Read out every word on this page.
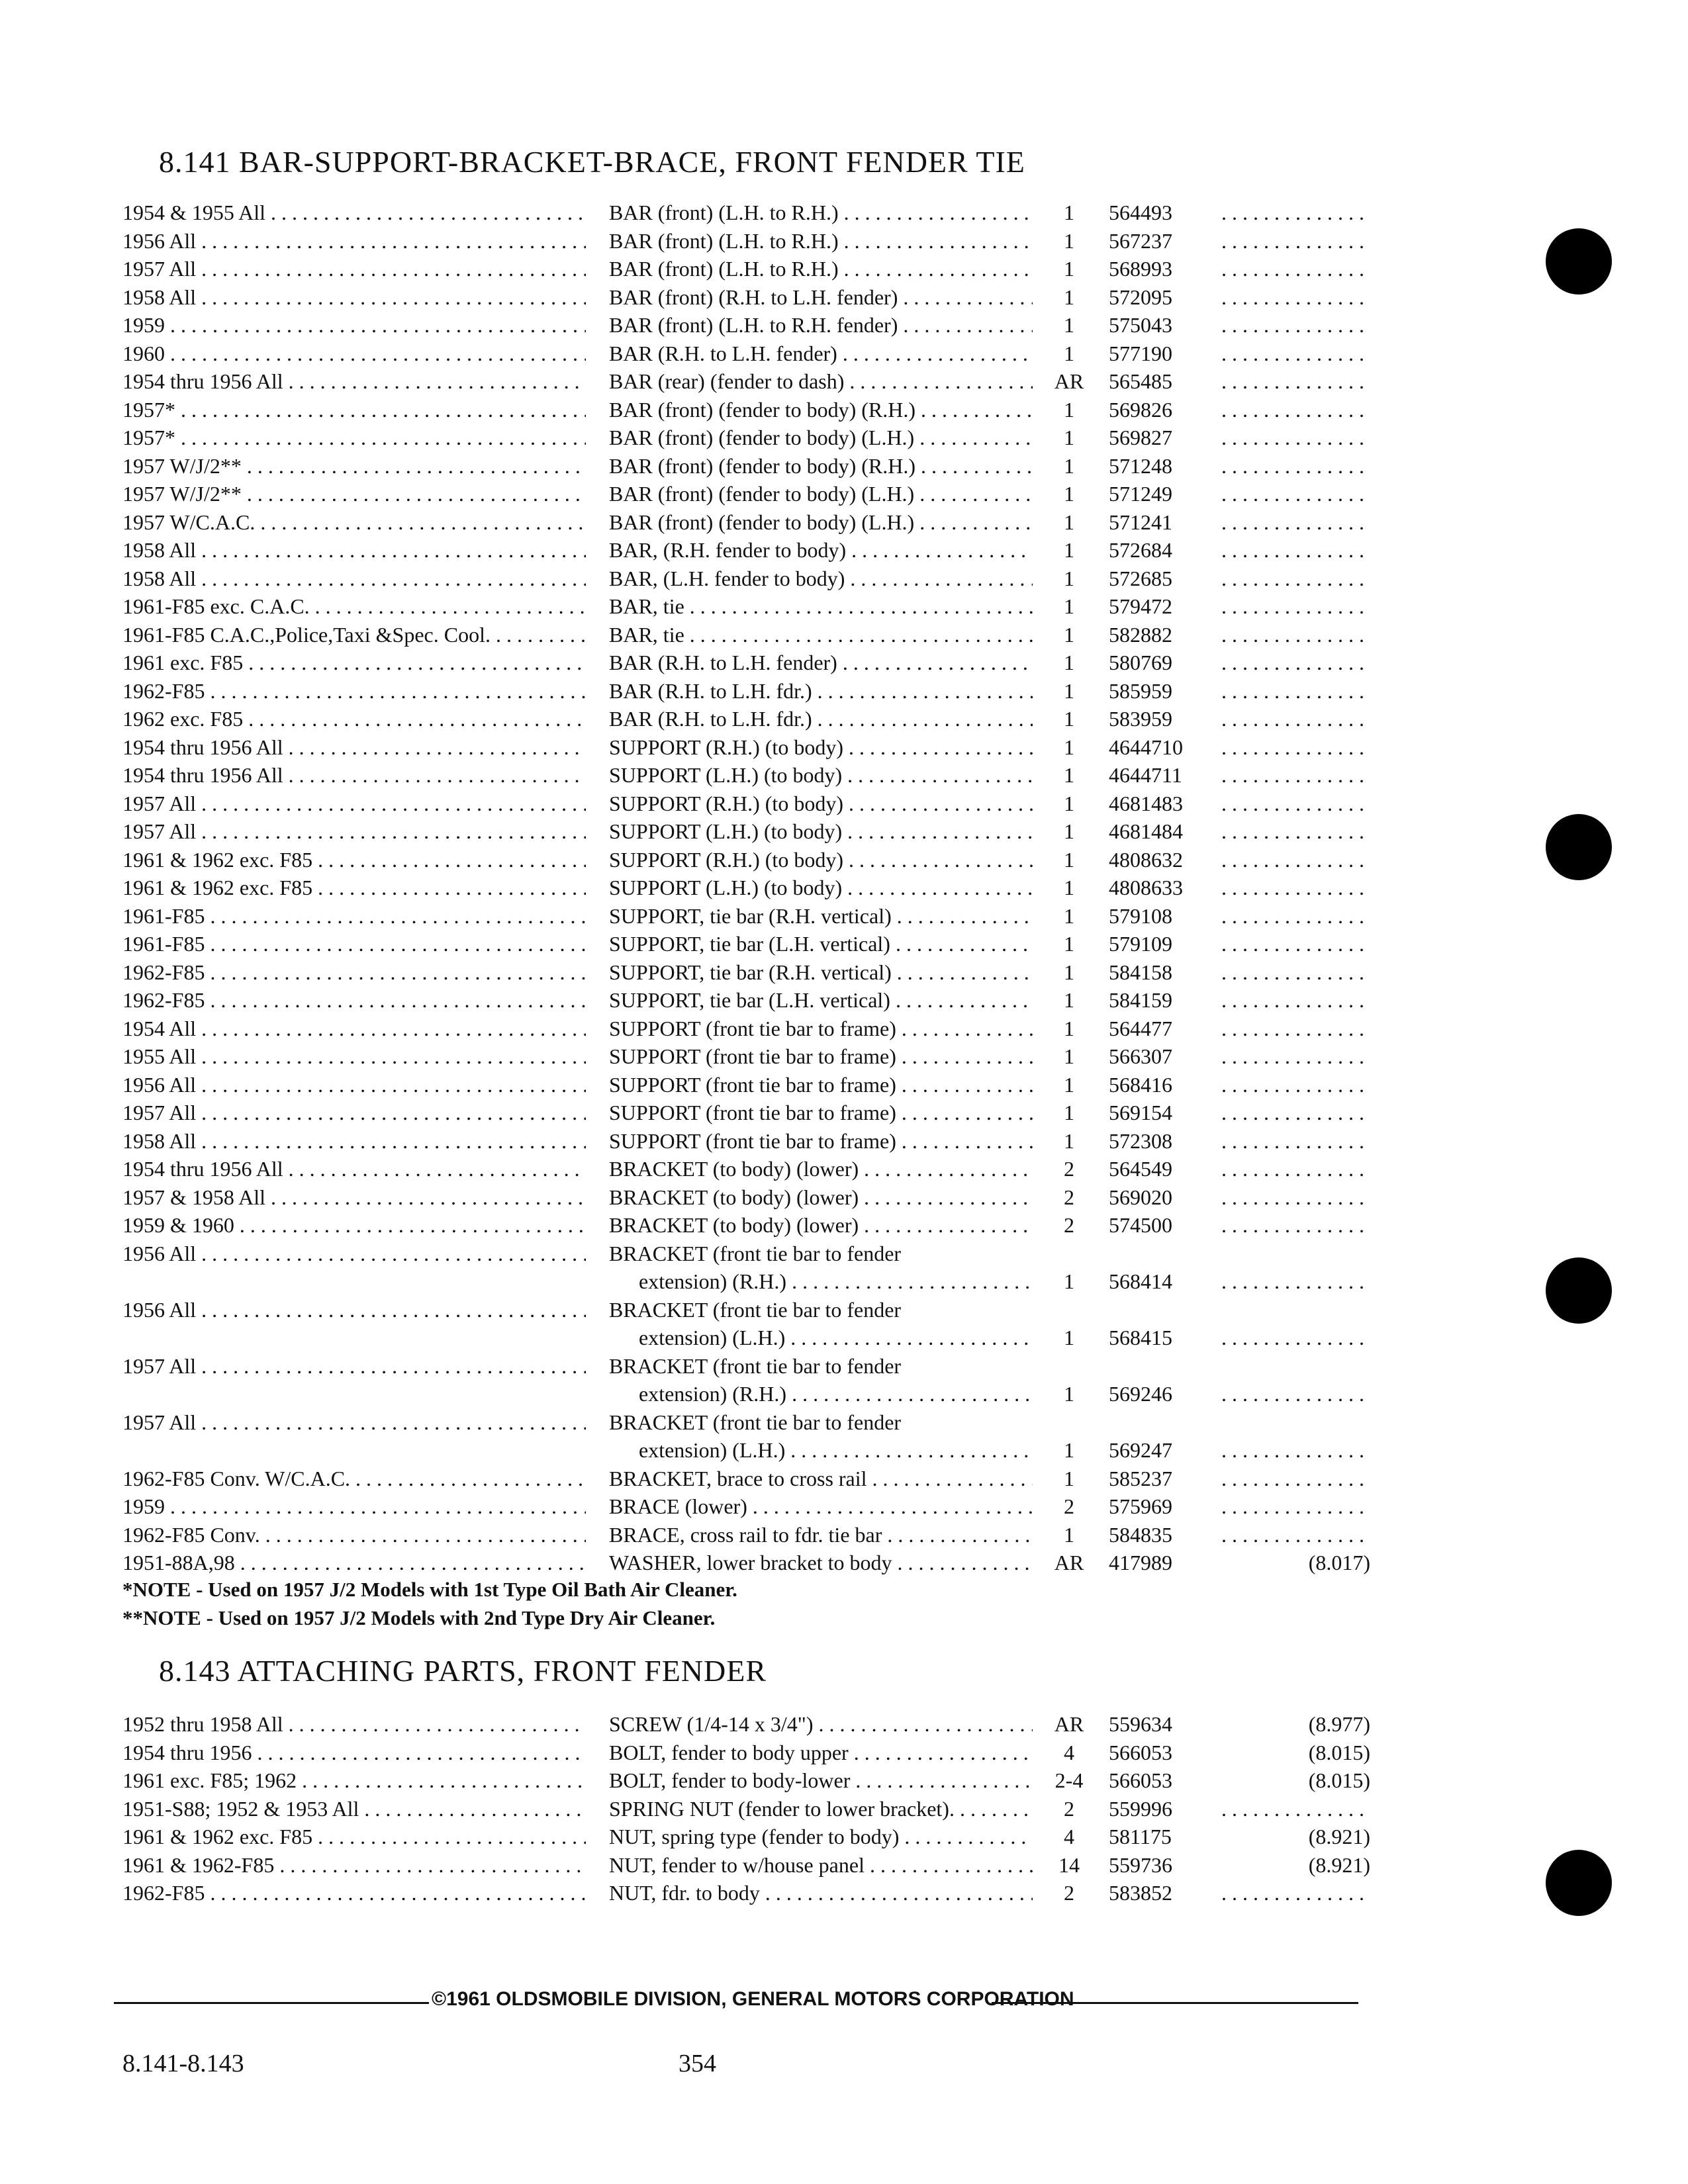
8.141 BAR-SUPPORT-BRACKET-BRACE, FRONT FENDER TIE
1954 & 1955 All . . .	BAR (front) (L.H. to R.H.) . . .	1	564493
. . .
1956 All . . .	BAR (front) (L.H. to R.H.) . . .	1	567237
. . .
1957 All . . .	BAR (front) (L.H. to R.H.) . . .	1	568993
. . .
1958 All . . .	BAR (front) (R.H. to L.H. fender) . . .	1	572095
. . .
1959 . . .	BAR (front) (L.H. to R.H. fender) . . .	1	575043
. . .
1960 . . .	BAR (R.H. to L.H. fender) . . .	1	577190
. . .
1954 thru 1956 All . . .	BAR (rear) (fender to dash) . . .	AR	565485
. . .
1957* . . .	BAR (front) (fender to body) (R.H.) . . .	1	569826
. . .
1957* . . .	BAR (front) (fender to body) (L.H.) . . .	1	569827
. . .
1957 W/J/2** . . .	BAR (front) (fender to body) (R.H.) . . .	1	571248
. . .
1957 W/J/2** . . .	BAR (front) (fender to body) (L.H.) . . .	1	571249
. . .
1957 W/C.A.C. . . .	BAR (front) (fender to body) (L.H.) . . .	1	571241
. . .
1958 All . . .	BAR, (R.H. fender to body) . . .	1	572684
. . .
1958 All . . .	BAR, (L.H. fender to body) . . .	1	572685
. . .
1961-F85 exc. C.A.C. . . .	BAR, tie . . .	1	579472
. . .
1961-F85 C.A.C.,Police,Taxi &Spec. Cool. . . .	BAR, tie . . .	1	582882
. . .
1961 exc. F85 . . .	BAR (R.H. to L.H. fender) . . .	1	580769
. . .
1962-F85 . . .	BAR (R.H. to L.H. fdr.) . . .	1	585959
. . .
1962 exc. F85 . . .	BAR (R.H. to L.H. fdr.) . . .	1	583959
. . .
1954 thru 1956 All . . .	SUPPORT (R.H.) (to body) . . .	1	4644710
. . .
1954 thru 1956 All . . .	SUPPORT (L.H.) (to body) . . .	1	4644711
. . .
1957 All . . .	SUPPORT (R.H.) (to body) . . .	1	4681483
. . .
1957 All . . .	SUPPORT (L.H.) (to body) . . .	1	4681484
. . .
1961 & 1962 exc. F85 . . .	SUPPORT (R.H.) (to body) . . .	1	4808632
. . .
1961 & 1962 exc. F85 . . .	SUPPORT (L.H.) (to body) . . .	1	4808633
. . .
1961-F85 . . .	SUPPORT, tie bar (R.H. vertical) . . .	1	579108
. . .
1961-F85 . . .	SUPPORT, tie bar (L.H. vertical) . . .	1	579109
. . .
1962-F85 . . .	SUPPORT, tie bar (R.H. vertical) . . .	1	584158
. . .
1962-F85 . . .	SUPPORT, tie bar (L.H. vertical) . . .	1	584159
. . .
1954 All . . .	SUPPORT (front tie bar to frame) . . .	1	564477
. . .
1955 All . . .	SUPPORT (front tie bar to frame) . . .	1	566307
. . .
1956 All . . .	SUPPORT (front tie bar to frame) . . .	1	568416
. . .
1957 All . . .	SUPPORT (front tie bar to frame) . . .	1	569154
. . .
1958 All . . .	SUPPORT (front tie bar to frame) . . .	1	572308
. . .
1954 thru 1956 All . . .	BRACKET (to body) (lower) . . .	2	564549
. . .
1957 & 1958 All . . .	BRACKET (to body) (lower) . . .	2	569020
. . .
1959 & 1960 . . .	BRACKET (to body) (lower) . . .	2	574500
. . .
1956 All . . .	BRACKET (front tie bar to fender
extension) (R.H.) . . .	1	568414
. . .
1956 All . . .	BRACKET (front tie bar to fender
extension) (L.H.) . . .	1	568415
. . .
1957 All . . .	BRACKET (front tie bar to fender
extension) (R.H.) . . .	1	569246
. . .
1957 All . . .	BRACKET (front tie bar to fender
extension) (L.H.) . . .	1	569247
. . .
1962-F85 Conv. W/C.A.C. . . .	BRACKET, brace to cross rail . . .	1	585237
. . .
1959 . . .	BRACE (lower) . . .	2	575969
. . .
1962-F85 Conv. . . .	BRACE, cross rail to fdr. tie bar . . .	1	584835
. . .
1951-88A,98 . . .	WASHER, lower bracket to body . . .	AR	417989	(8.017)
*NOTE - Used on 1957 J/2 Models with 1st Type Oil Bath Air Cleaner.
**NOTE - Used on 1957 J/2 Models with 2nd Type Dry Air Cleaner.
8.143 ATTACHING PARTS, FRONT FENDER
1952 thru 1958 All . . .	SCREW (1/4-14 x 3/4") . . .	AR	559634	(8.977)
1954 thru 1956 . . .	BOLT, fender to body upper . . .	4	566053	(8.015)
1961 exc. F85; 1962 . . .	BOLT, fender to body-lower . . .	2-4	566053	(8.015)
1951-S88; 1952 & 1953 All . . .	SPRING NUT (fender to lower bracket). . . .	2	559996
. . .
1961 & 1962 exc. F85 . . .	NUT, spring type (fender to body) . . .	4	581175	(8.921)
1961 & 1962-F85 . . .	NUT, fender to w/house panel . . .	14	559736	(8.921)
1962-F85 . . .	NUT, fdr. to body . . .	2	583852
. . .
©1961 OLDSMOBILE DIVISION, GENERAL MOTORS CORPORATION
8.141-8.143	354
